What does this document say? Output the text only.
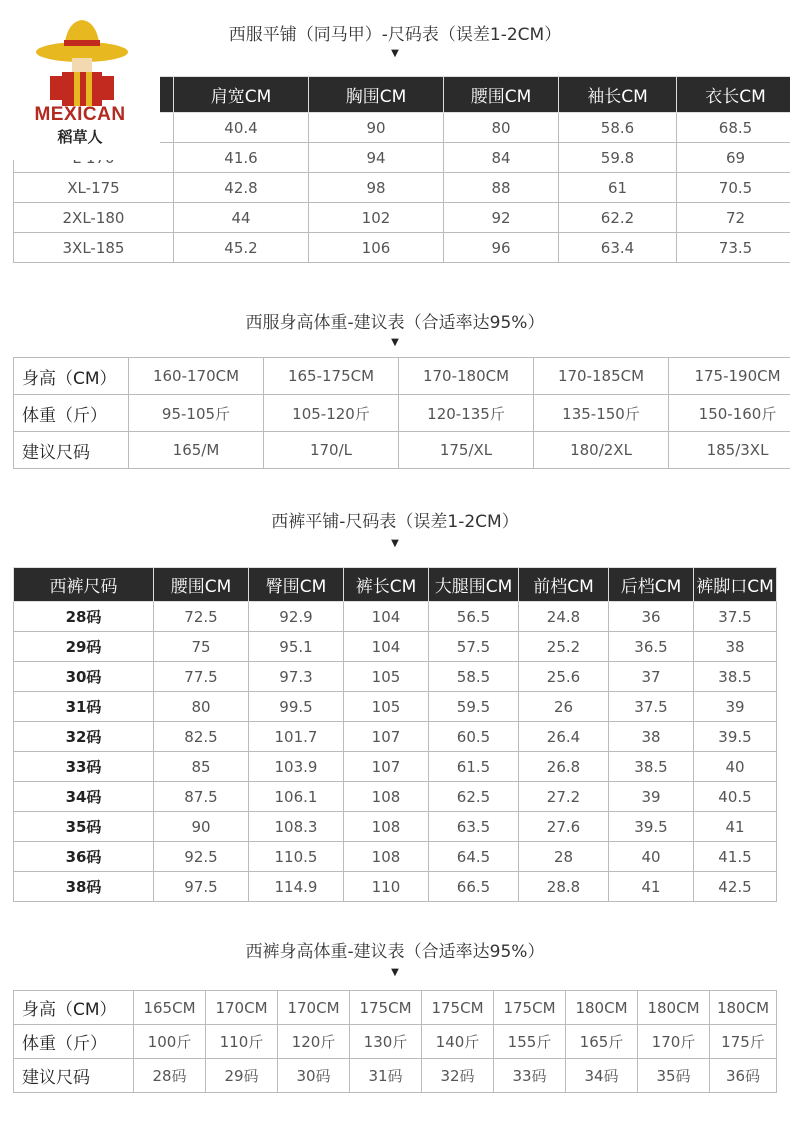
西服平铺（同马甲）-尺码表（误差1-2CM）
▼
	肩宽CM	胸围CM	腰围CM	袖长CM	衣长CM
	40.4	90	80	58.6	68.5
	41.6	94	84	59.8	69
XL-175	42.8	98	88	61	70.5
2XL-180	44	102	92	62.2	72
3XL-185	45.2	106	96	63.4	73.5
西服身高体重-建议表（合适率达95%）
▼
身高（CM）	160-170CM	165-175CM	170-180CM	170-185CM	175-190CM
体重（斤）	95-105斤	105-120斤	120-135斤	135-150斤	150-160斤
建议尺码	165/M	170/L	175/XL	180/2XL	185/3XL
西裤平铺-尺码表（误差1-2CM）
▼
西裤尺码	腰围CM	臀围CM	裤长CM	大腿围CM	前档CM	后档CM	裤脚口CM
28码	72.5	92.9	104	56.5	24.8	36	37.5
29码	75	95.1	104	57.5	25.2	36.5	38
30码	77.5	97.3	105	58.5	25.6	37	38.5
31码	80	99.5	105	59.5	26	37.5	39
32码	82.5	101.7	107	60.5	26.4	38	39.5
33码	85	103.9	107	61.5	26.8	38.5	40
34码	87.5	106.1	108	62.5	27.2	39	40.5
35码	90	108.3	108	63.5	27.6	39.5	41
36码	92.5	110.5	108	64.5	28	40	41.5
38码	97.5	114.9	110	66.5	28.8	41	42.5
西裤身高体重-建议表（合适率达95%）
▼
身高（CM）	165CM	170CM	170CM	175CM	175CM	175CM	180CM	180CM	180CM
体重（斤）	100斤	110斤	120斤	130斤	140斤	155斤	165斤	170斤	175斤
建议尺码	28码	29码	30码	31码	32码	33码	34码	35码	36码
MEXICAN
稻草人
